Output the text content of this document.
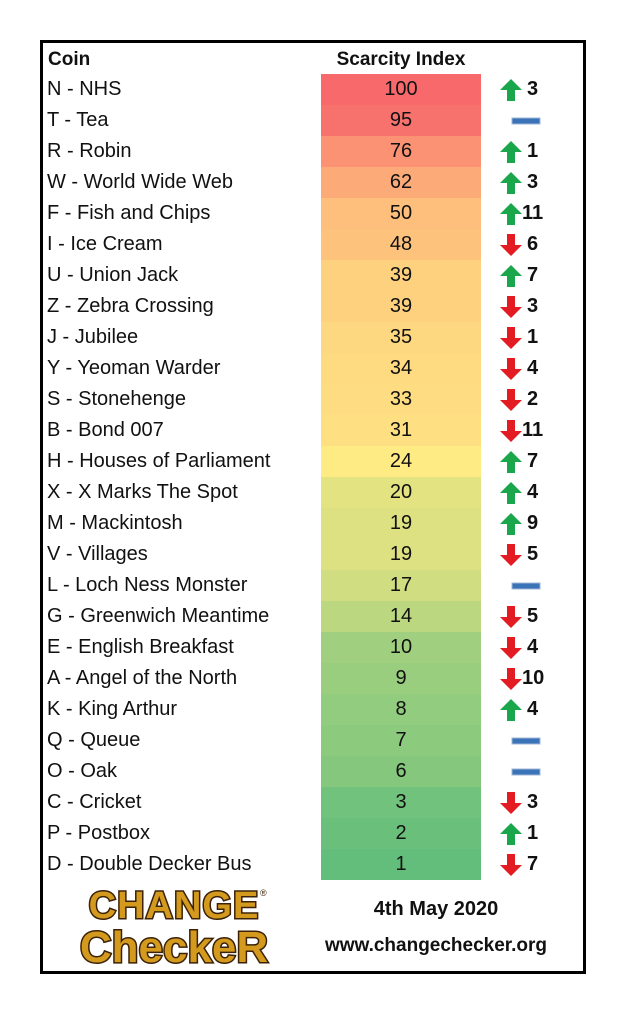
Coin	Scarcity Index
N - NHS	100	3
T - Tea	95
R - Robin	76	1
W - World Wide Web	62	3
F - Fish and Chips	50	11
I - Ice Cream	48	6
U - Union Jack	39	7
Z - Zebra Crossing	39	3
J - Jubilee	35	1
Y - Yeoman Warder	34	4
S - Stonehenge	33	2
B - Bond 007	31	11
H - Houses of Parliament	24	7
X - X Marks The Spot	20	4
M - Mackintosh	19	9
V - Villages	19	5
L - Loch Ness Monster	17
G - Greenwich Meantime	14	5
E - English Breakfast	10	4
A - Angel of the North	9	10
K - King Arthur	8	4
Q - Queue	7
O - Oak	6
C - Cricket	3	3
P - Postbox	2	1
D - Double Decker Bus	1	7
CHANGE ®
CheckeR
4th May 2020
www.changechecker.org
